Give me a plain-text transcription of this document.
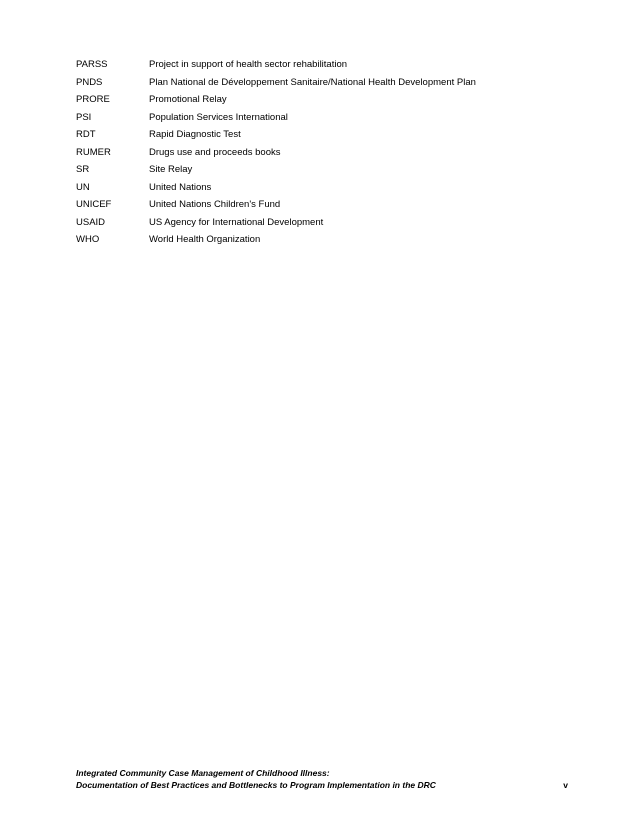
PARSS	Project in support of health sector rehabilitation
PNDS	Plan National de Développement Sanitaire/National Health Development Plan
PRORE	Promotional Relay
PSI	Population Services International
RDT	Rapid Diagnostic Test
RUMER	Drugs use and proceeds books
SR	Site Relay
UN	United Nations
UNICEF	United Nations Children's Fund
USAID	US Agency for International Development
WHO	World Health Organization
Integrated Community Case Management of Childhood Illness:
Documentation of Best Practices and Bottlenecks to Program Implementation in the DRC	v
